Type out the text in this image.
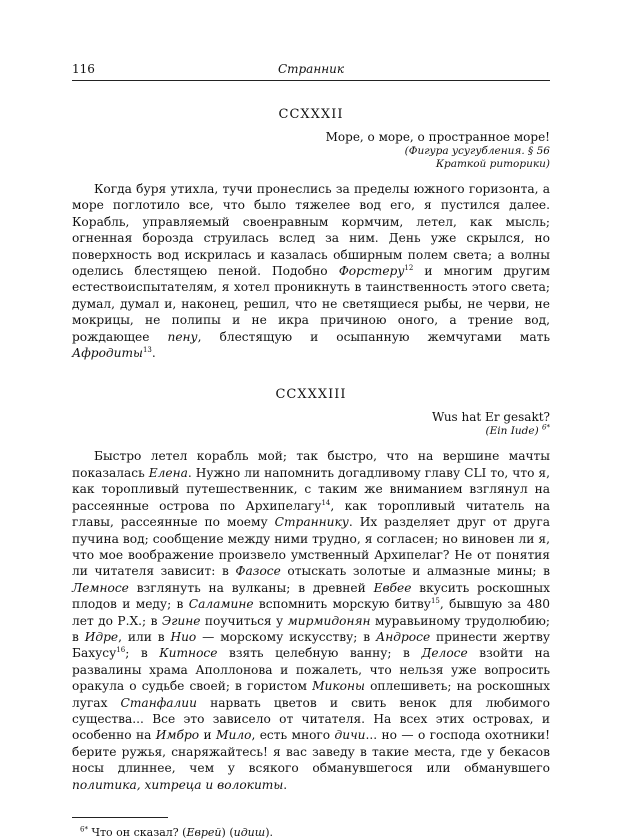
116	Странник
CCXXXII
Море, о море, о пространное море!
(Фигура усугубления. § 56
Краткой риторики)

Когда буря утихла, тучи пронеслись за пределы южного горизонта, а море поглотило все, что было тяжелее вод его, я пустился далее. Корабль, управляемый своенравным кормчим, летел, как мысль; огненная борозда струилась вслед за ним. День уже скрылся, но поверхность вод искрилась и казалась обширным полем света; а волны оделись блестящею пеной. Подобно Форстеру$^{12}$ и многим другим естествоиспытателям, я хотел проникнуть в таинственность этого света; думал, думал и, наконец, решил, что не светящиеся рыбы, не черви, не мокрицы, не полипы и не икра причиною оного, а трение вод, рождающее пену, блестящую и осыпанную жемчугами мать Афродиты$^{13}$.

CCXXXIII
Wus hat Er gesakt?
(Ein Iude) $^{6*}$

Быстро летел корабль мой; так быстро, что на вершине мачты показалась Елена. Нужно ли напомнить догадливому главу CLI то, что я, как торопливый путешественник, с таким же вниманием взглянул на рассеянные острова по Архипелагу$^{14}$, как торопливый читатель на главы, рассеянные по моему Страннику. Их разделяет друг от друга пучина вод; сообщение между ними трудно, я согласен; но виновен ли я, что мое воображение произвело умственный Архипелаг? Не от понятия ли читателя зависит: в Фазосе отыскать золотые и алмазные мины; в Лемносе взглянуть на вулканы; в древней Евбее вкусить роскошных плодов и меду; в Саламине вспомнить морскую битву$^{15}$, бывшую за 480 лет до Р.Х.; в Эгине поучиться у мирмидонян муравьиному трудолюбию; в Идре, или в Нио — морскому искусству; в Андросе принести жертву Бахусу$^{16}$; в Китносе взять целебную ванну; в Делосе взойти на развалины храма Аполлонова и пожалеть, что нельзя уже вопросить оракула о судьбе своей; в гористом Миконы оплешиветь; на роскошных лугах Станфалии нарвать цветов и свить венок для любимого существа... Все это зависело от читателя. На всех этих островах, и особенно на Имбро и Мило, есть много дичи... но — о господа охотники! берите ружья, снаряжайтесь! я вас заведу в такие места, где у бекасов носы длиннее, чем у всякого обманувшегося или обманувшего политика, хитреца и волокиты.

$^{6*}$ Что он сказал? (Еврей) (идиш).
